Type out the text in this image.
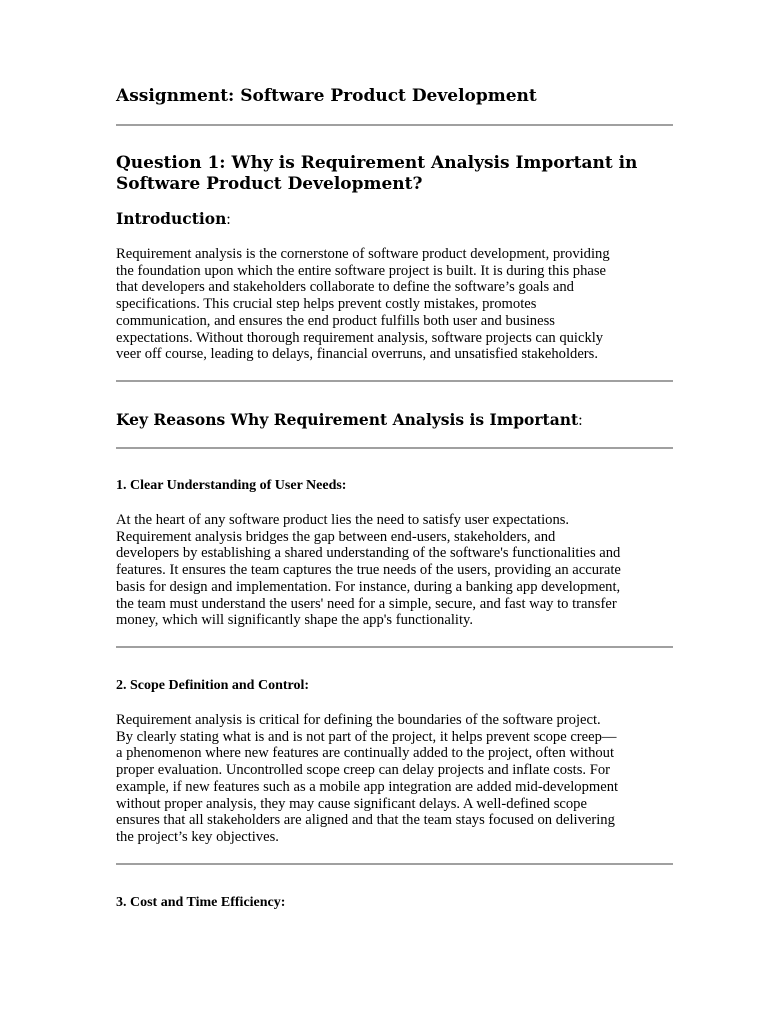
Assignment: Software Product Development
Question 1: Why is Requirement Analysis Important in
Software Product Development?
Introduction:

Requirement analysis is the cornerstone of software product development, providing
the foundation upon which the entire software project is built. It is during this phase
that developers and stakeholders collaborate to define the software’s goals and
specifications. This crucial step helps prevent costly mistakes, promotes
communication, and ensures the end product fulfills both user and business
expectations. Without thorough requirement analysis, software projects can quickly
veer off course, leading to delays, financial overruns, and unsatisfied stakeholders.

Key Reasons Why Requirement Analysis is Important:
1. Clear Understanding of User Needs:

At the heart of any software product lies the need to satisfy user expectations.
Requirement analysis bridges the gap between end-users, stakeholders, and
developers by establishing a shared understanding of the software's functionalities and
features. It ensures the team captures the true needs of the users, providing an accurate
basis for design and implementation. For instance, during a banking app development,
the team must understand the users' need for a simple, secure, and fast way to transfer
money, which will significantly shape the app's functionality.

2. Scope Definition and Control:

Requirement analysis is critical for defining the boundaries of the software project.
By clearly stating what is and is not part of the project, it helps prevent scope creep—
a phenomenon where new features are continually added to the project, often without
proper evaluation. Uncontrolled scope creep can delay projects and inflate costs. For
example, if new features such as a mobile app integration are added mid-development
without proper analysis, they may cause significant delays. A well-defined scope
ensures that all stakeholders are aligned and that the team stays focused on delivering
the project’s key objectives.

3. Cost and Time Efficiency:
